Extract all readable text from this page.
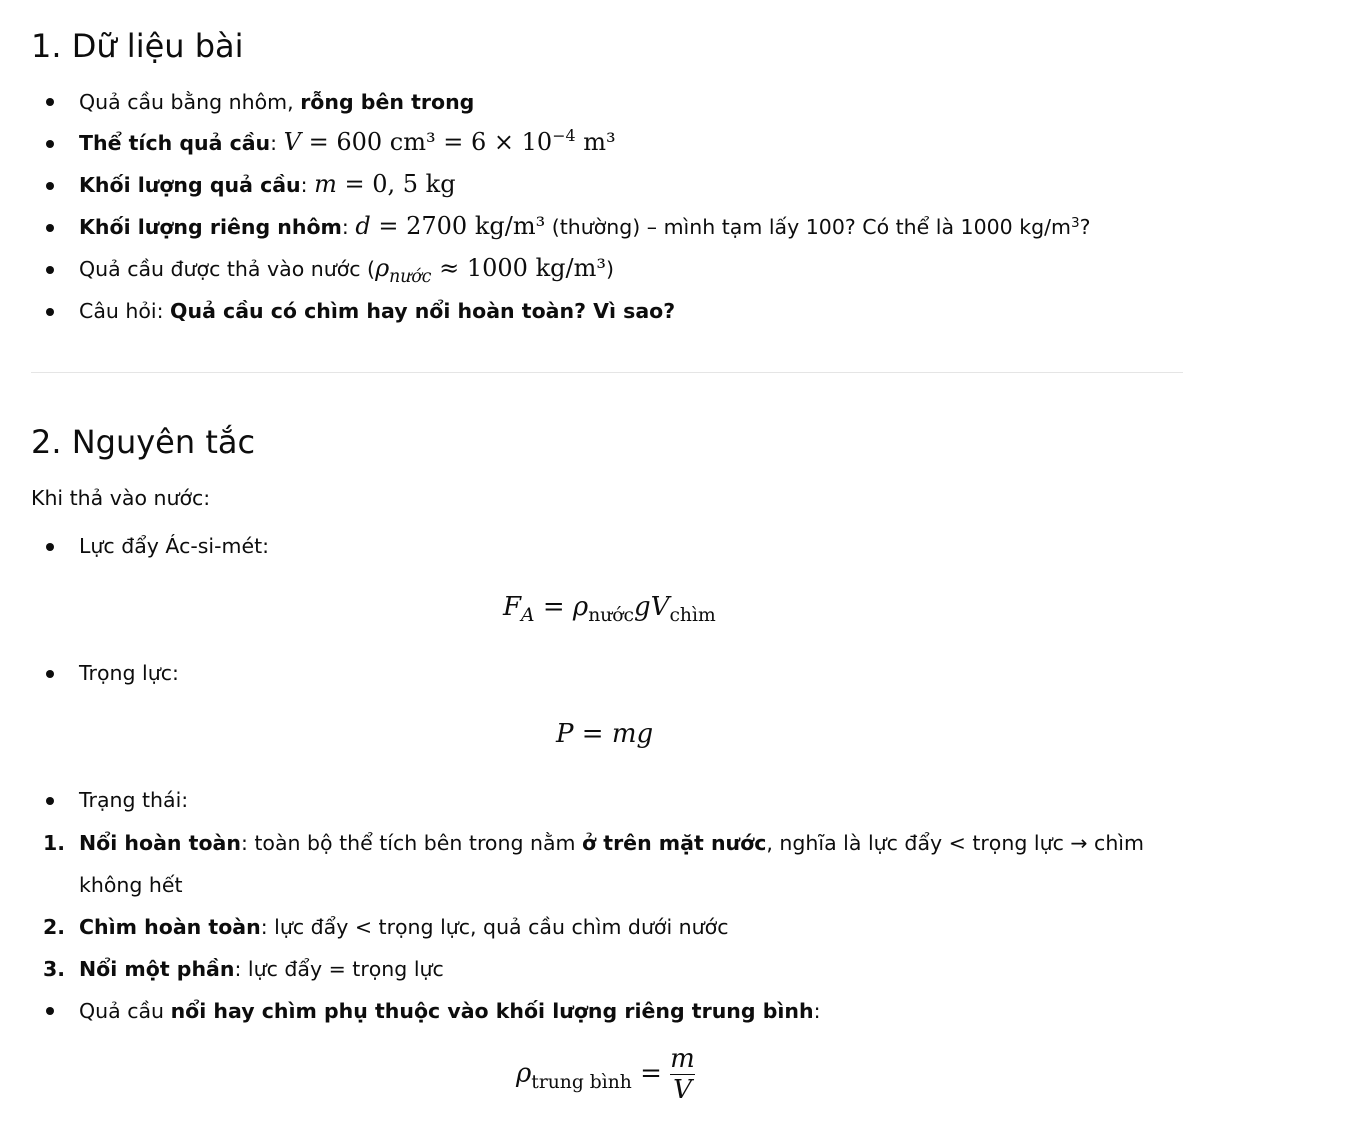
1. Dữ liệu bài
Quả cầu bằng nhôm, rỗng bên trong
Thể tích quả cầu: V = 600 $cm^3 = 6 \times 10^{-4}$ m³
Khối lượng quả cầu: m = 0, 5 kg
Khối lượng riêng nhôm: d = 2700 kg/m³ (thường) – mình tạm lấy 100? Có thể là 1000 $kg/m^3$?
Quả cầu được thả vào nước ($\rho_{nước} \approx 1000$ kg/m³)
Câu hỏi: Quả cầu có chìm hay nổi hoàn toàn? Vì sao?
2. Nguyên tắc
Khi thả vào nước:
Lực đẩy Ác-si-mét:
$F_A = \rho_{nước}gV_{chìm}$
Trọng lực:
P = mg
Trạng thái:
1. Nổi hoàn toàn: toàn bộ thể tích bên trong nằm ở trên mặt nước, nghĩa là lực đẩy < trọng lực → chìm
không hết
2. Chìm hoàn toàn: lực đẩy < trọng lực, quả cầu chìm dưới nước
3. Nổi một phần: lực đẩy = trọng lực
Quả cầu nổi hay chìm phụ thuộc vào khối lượng riêng trung bình:
$\rho_{trung bình} = \frac{m}{V}$
